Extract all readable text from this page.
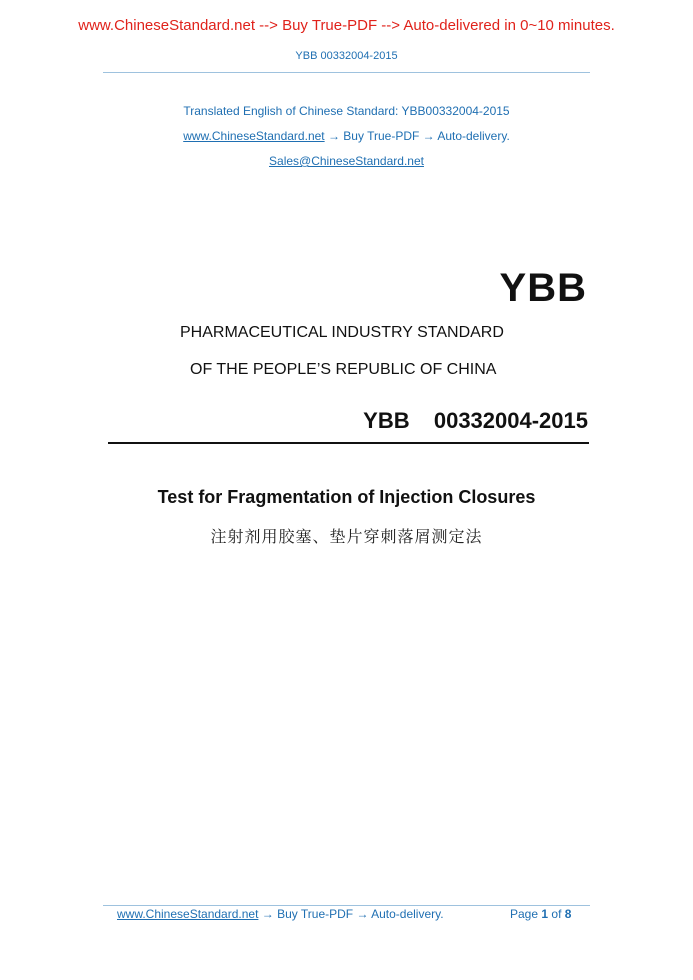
www.ChineseStandard.net --> Buy True-PDF --> Auto-delivered in 0~10 minutes.
YBB 00332004-2015
Translated English of Chinese Standard: YBB00332004-2015
www.ChineseStandard.net → Buy True-PDF → Auto-delivery.
Sales@ChineseStandard.net
YBB
PHARMACEUTICAL INDUSTRY STANDARD
OF THE PEOPLE’S REPUBLIC OF CHINA
YBB  00332004-2015
Test for Fragmentation of Injection Closures
注射剂用胶塞、垫片穿刺落屑测定法
www.ChineseStandard.net → Buy True-PDF → Auto-delivery.	Page 1 of 8
